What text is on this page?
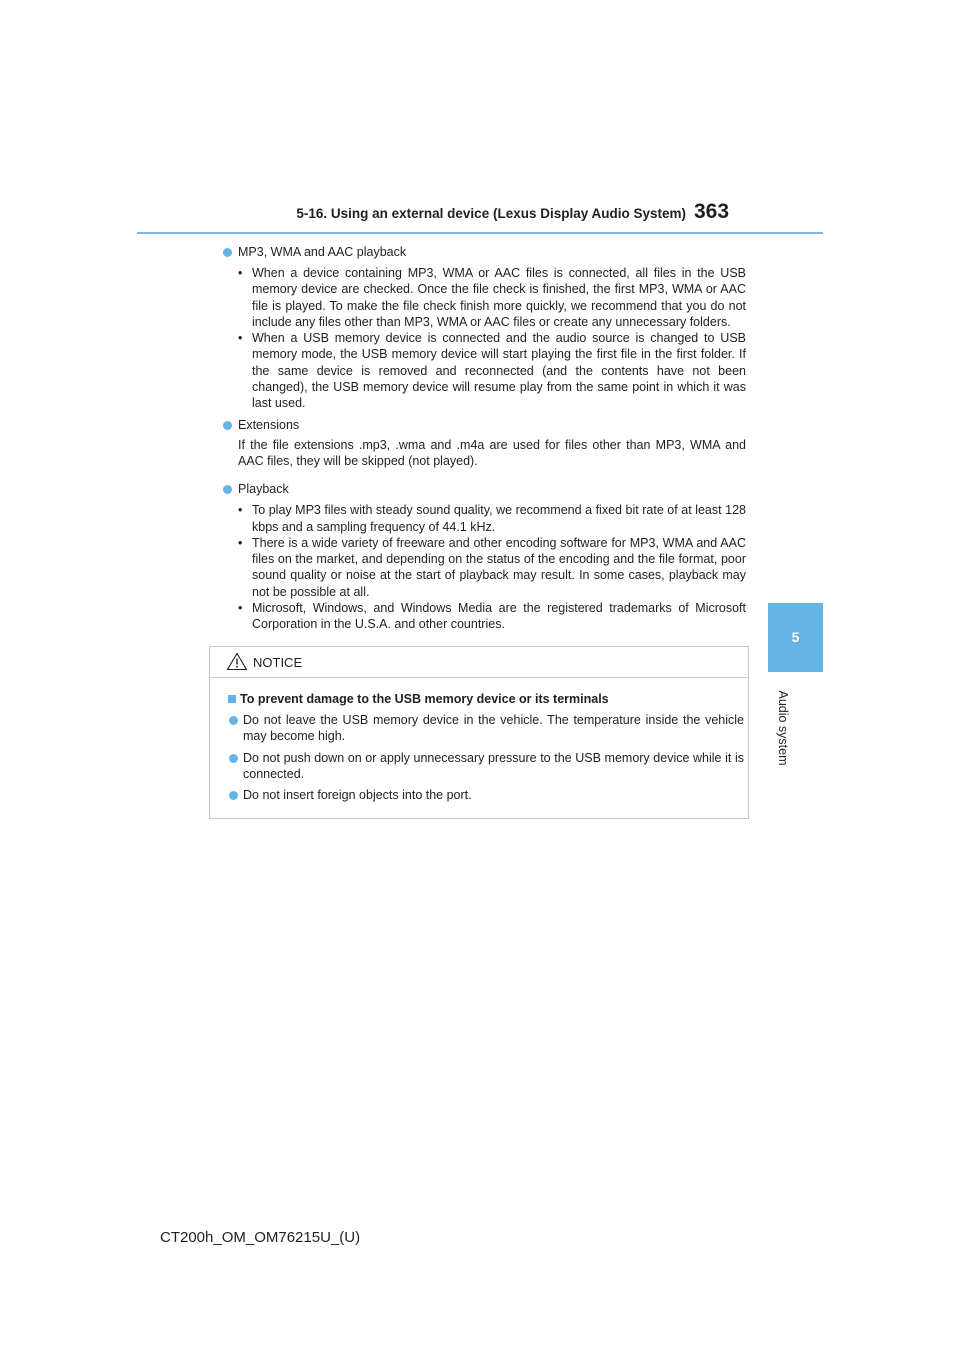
5-16. Using an external device (Lexus Display Audio System) 363
5
Audio system

MP3, WMA and AAC playback

• When a device containing MP3, WMA or AAC files is connected, all files in the USB memory device are checked. Once the file check is finished, the first MP3, WMA or AAC file is played. To make the file check finish more quickly, we recommend that you do not include any files other than MP3, WMA or AAC files or create any unnecessary folders.
• When a USB memory device is connected and the audio source is changed to USB memory mode, the USB memory device will start playing the first file in the first folder. If the same device is removed and reconnected (and the contents have not been changed), the USB memory device will resume play from the same point in which it was last used.

Extensions

If the file extensions .mp3, .wma and .m4a are used for files other than MP3, WMA and AAC files, they will be skipped (not played).

Playback

• To play MP3 files with steady sound quality, we recommend a fixed bit rate of at least 128 kbps and a sampling frequency of 44.1 kHz.
• There is a wide variety of freeware and other encoding software for MP3, WMA and AAC files on the market, and depending on the status of the encoding and the file format, poor sound quality or noise at the start of playback may result. In some cases, playback may not be possible at all.
• Microsoft, Windows, and Windows Media are the registered trademarks of Microsoft Corporation in the U.S.A. and other countries.
NOTICE

To prevent damage to the USB memory device or its terminals

Do not leave the USB memory device in the vehicle. The temperature inside the vehicle may become high.
Do not push down on or apply unnecessary pressure to the USB memory device while it is connected.
Do not insert foreign objects into the port.
CT200h_OM_OM76215U_(U)
